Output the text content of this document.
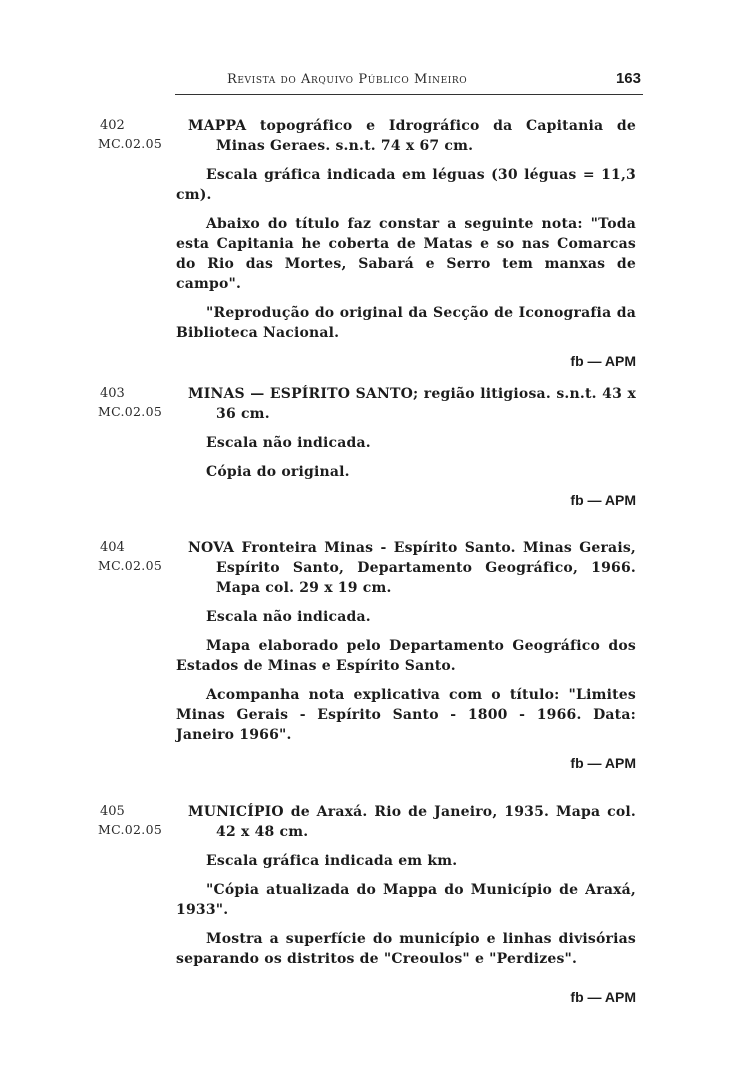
Revista do Arquivo Público Mineiro	163
402
MC.02.05

MAPPA topográfico e Idrográfico da Capitania de Minas Geraes. s.n.t. 74 x 67 cm.

Escala gráfica indicada em léguas (30 léguas = 11,3 cm).

Abaixo do título faz constar a seguinte nota: "Toda esta Capitania he coberta de Matas e so nas Comarcas do Rio das Mortes, Sabará e Serro tem manxas de campo".

"Reprodução do original da Secção de Iconografia da Biblioteca Nacional.

fb — APM
403
MC.02.05

MINAS — ESPÍRITO SANTO; região litigiosa. s.n.t. 43 x 36 cm.

Escala não indicada.

Cópia do original.

fb — APM
404
MC.02.05

NOVA Fronteira Minas - Espírito Santo. Minas Gerais, Espírito Santo, Departamento Geográfico, 1966. Mapa col. 29 x 19 cm.

Escala não indicada.

Mapa elaborado pelo Departamento Geográfico dos Estados de Minas e Espírito Santo.

Acompanha nota explicativa com o título: "Limites Minas Gerais - Espírito Santo - 1800 - 1966. Data: Janeiro 1966".

fb — APM
405
MC.02.05

MUNICÍPIO de Araxá. Rio de Janeiro, 1935. Mapa col. 42 x 48 cm.

Escala gráfica indicada em km.

"Cópia atualizada do Mappa do Município de Araxá, 1933".

Mostra a superfície do município e linhas divisórias separando os distritos de "Creoulos" e "Perdizes".

fb — APM
